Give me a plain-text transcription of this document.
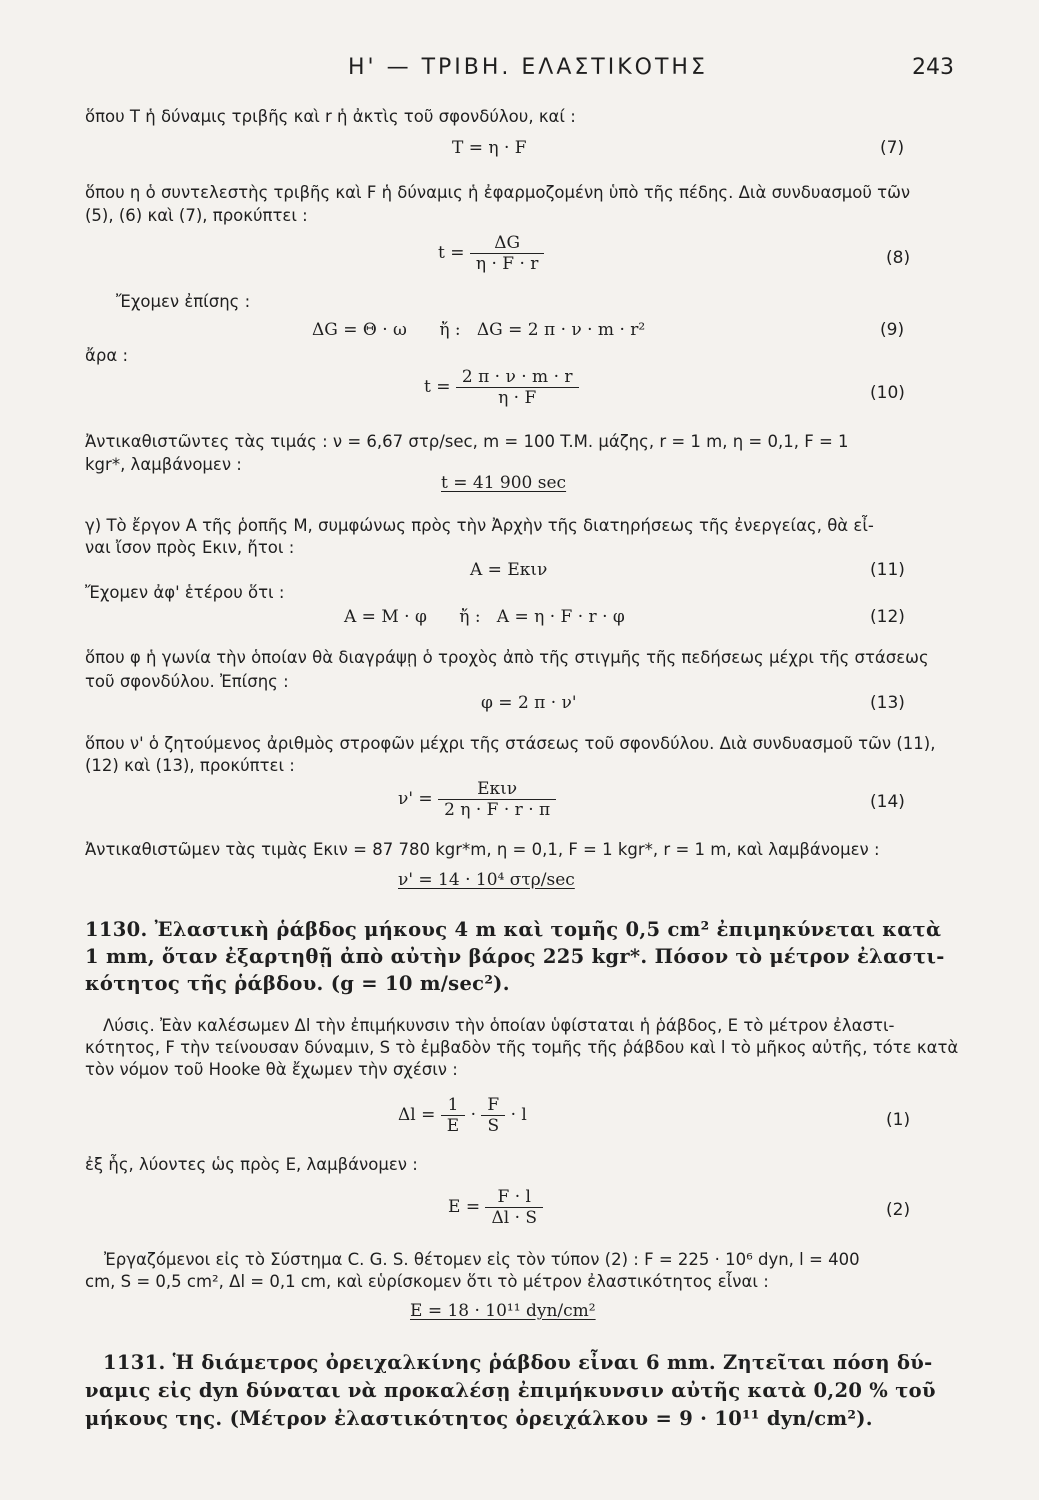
H' — ΤΡΙΒΗ. ΕΛΑΣΤΙΚΟΤΗΣ	243
ὅπου T ἡ δύναμις τριβῆς καὶ r ἡ ἀκτὶς τοῦ σφονδύλου, καί :
T = η · F	(7)
ὅπου η ὁ συντελεστὴς τριβῆς καὶ F ἡ δύναμις ἡ ἐφαρμοζομένη ὑπὸ τῆς πέδης. Διὰ συνδυασμοῦ τῶν
(5), (6) καὶ (7), προκύπτει :
$t = \frac{\Delta G}{\eta \cdot F \cdot r}$	(8)
Ἔχομεν ἐπίσης :
ΔG = Θ · ω      ἤ :   ΔG = 2 π · ν · m · r²	(9)
ἄρα :
$t = \frac{2 \pi \cdot \nu \cdot m \cdot r}{\eta \cdot F}$	(10)
Ἀντικαθιστῶντες τὰς τιμάς : ν = 6,67 στρ/sec, m = 100 T.M. μάζης, r = 1 m, η = 0,1, F = 1
kgr*, λαμβάνομεν :
t = 41 900 sec
γ) Τὸ ἔργον A τῆς ῥοπῆς M, συμφώνως πρὸς τὴν Ἀρχὴν τῆς διατηρήσεως τῆς ἐνεργείας, θὰ εἶ-
ναι ἴσον πρὸς Eκιν, ἤτοι :
A = Eκιν	(11)
Ἔχομεν ἀφ' ἑτέρου ὅτι :
A = M · φ      ἤ :   A = η · F · r · φ	(12)
ὅπου φ ἡ γωνία τὴν ὁποίαν θὰ διαγράψῃ ὁ τροχὸς ἀπὸ τῆς στιγμῆς τῆς πεδήσεως μέχρι τῆς στάσεως
τοῦ σφονδύλου. Ἐπίσης :
φ = 2 π · ν'	(13)
ὅπου ν' ὁ ζητούμενος ἀριθμὸς στροφῶν μέχρι τῆς στάσεως τοῦ σφονδύλου. Διὰ συνδυασμοῦ τῶν (11),
(12) καὶ (13), προκύπτει :
$\nu' = \frac{\text{Eκιν}}{2 \eta \cdot F \cdot r \cdot \pi}$	(14)
Ἀντικαθιστῶμεν τὰς τιμὰς Eκιν = 87 780 kgr*m, η = 0,1, F = 1 kgr*, r = 1 m, καὶ λαμβάνομεν :
ν' = 14 · 10⁴ στρ/sec
1130. Ἐλαστικὴ ῥάβδος μήκους 4 m καὶ τομῆς 0,5 cm² ἐπιμηκύνεται κατὰ
1 mm, ὅταν ἐξαρτηθῇ ἀπὸ αὐτὴν βάρος 225 kgr*. Πόσον τὸ μέτρον ἐλαστι-
κότητος τῆς ῥάβδου. (g = 10 m/sec²).
Λύσις. Ἐὰν καλέσωμεν Δl τὴν ἐπιμήκυνσιν τὴν ὁποίαν ὑφίσταται ἡ ῥάβδος, E τὸ μέτρον ἐλαστι-
κότητος, F τὴν τείνουσαν δύναμιν, S τὸ ἐμβαδὸν τῆς τομῆς τῆς ῥάβδου καὶ l τὸ μῆκος αὐτῆς, τότε κατὰ
τὸν νόμον τοῦ Hooke θὰ ἔχωμεν τὴν σχέσιν :
$\Delta l = \frac{1}{E} \cdot \frac{F}{S} \cdot l$	(1)
ἐξ ἧς, λύοντες ὡς πρὸς E, λαμβάνομεν :
$E = \frac{F \cdot l}{\Delta l \cdot S}$	(2)
Ἐργαζόμενοι εἰς τὸ Σύστημα C. G. S. θέτομεν εἰς τὸν τύπον (2) : F = 225 · 10⁶ dyn, l = 400
cm, S = 0,5 cm², Δl = 0,1 cm, καὶ εὑρίσκομεν ὅτι τὸ μέτρον ἐλαστικότητος εἶναι :
E = 18 · 10¹¹ dyn/cm²
1131. Ἡ διάμετρος ὀρειχαλκίνης ῥάβδου εἶναι 6 mm. Ζητεῖται πόση δύ-
ναμις εἰς dyn δύναται νὰ προκαλέσῃ ἐπιμήκυνσιν αὐτῆς κατὰ 0,20 % τοῦ
μήκους της. (Μέτρον ἐλαστικότητος ὀρειχάλκου = 9 · 10¹¹ dyn/cm²).
